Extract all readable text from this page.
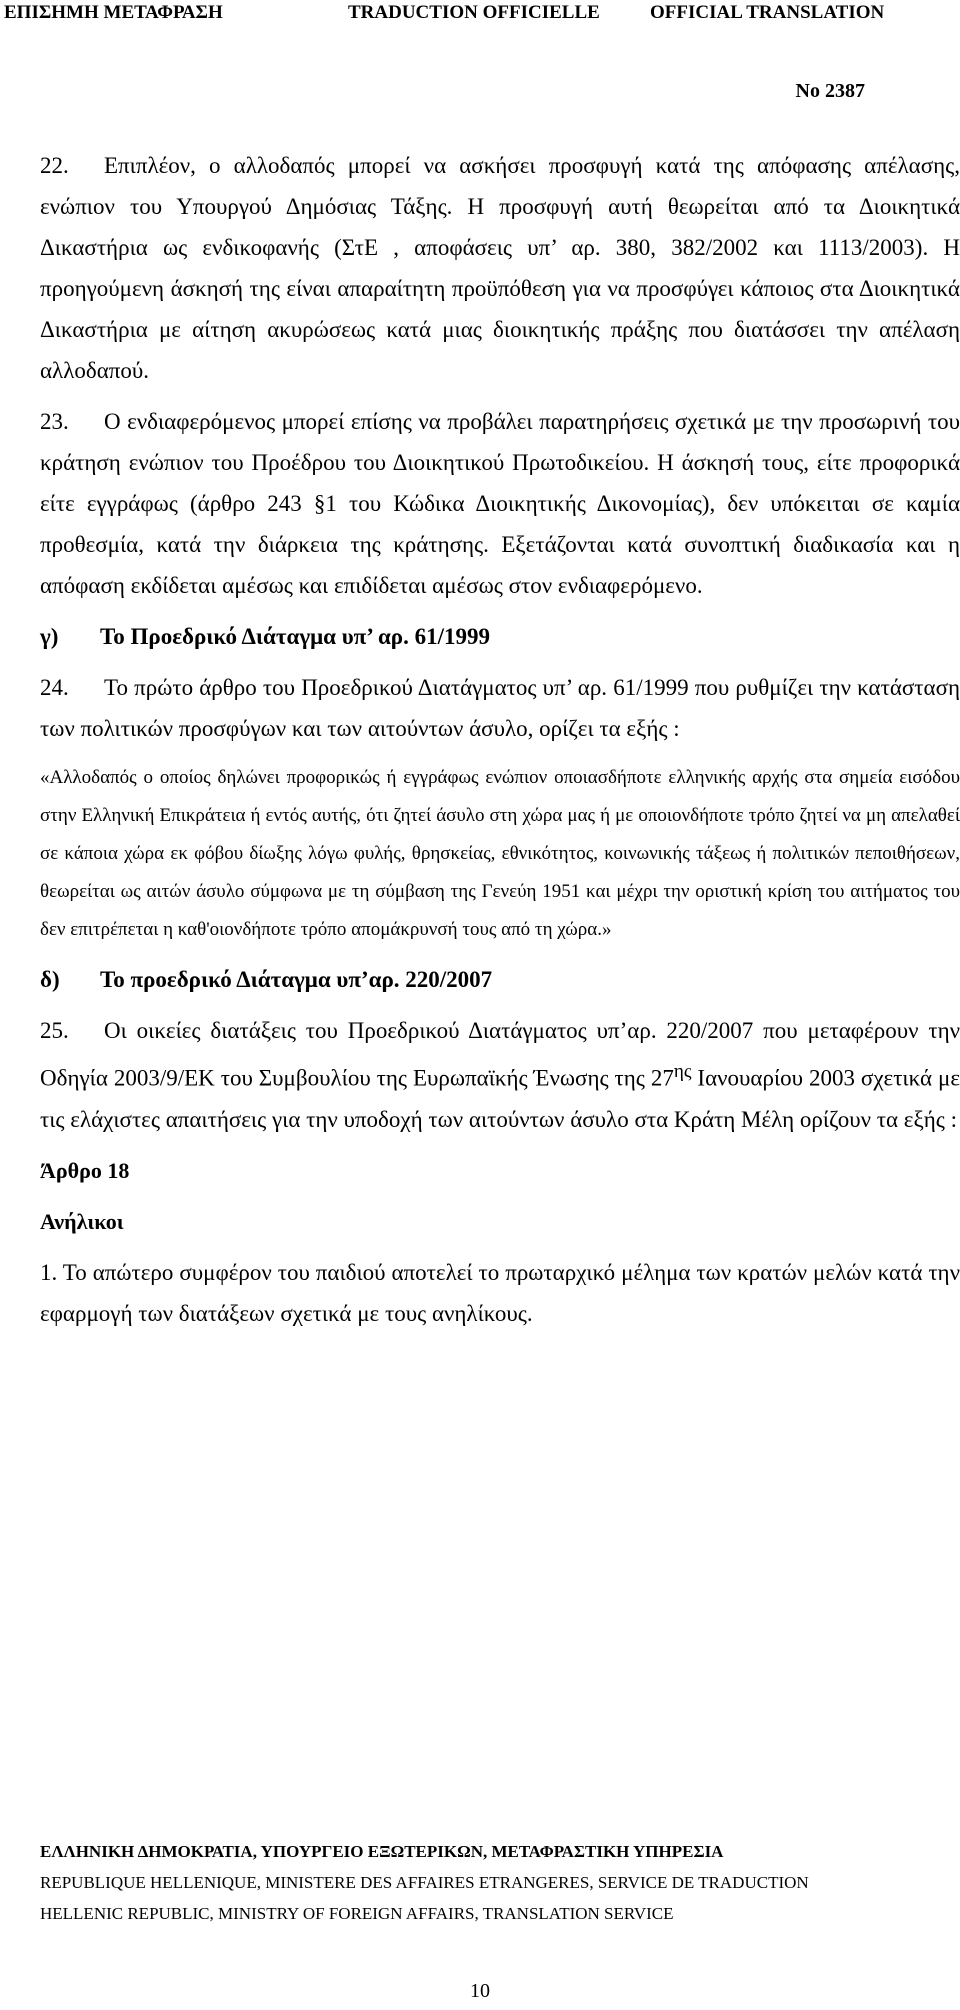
ΕΠΙΣΗΜΗ ΜΕΤΑΦΡΑΣΗ	TRADUCTION OFFICIELLE	OFFICIAL TRANSLATION
No 2387

22. Επιπλέον, ο αλλοδαπός μπορεί να ασκήσει προσφυγή κατά της απόφασης απέλασης, ενώπιον του Υπουργού Δημόσιας Τάξης. Η προσφυγή αυτή θεωρείται από τα Διοικητικά Δικαστήρια ως ενδικοφανής (ΣτΕ , αποφάσεις υπ’ αρ. 380, 382/2002 και 1113/2003). Η προηγούμενη άσκησή της είναι απαραίτητη προϋπόθεση για να προσφύγει κάποιος στα Διοικητικά Δικαστήρια με αίτηση ακυρώσεως κατά μιας διοικητικής πράξης που διατάσσει την απέλαση αλλοδαπού.

23. Ο ενδιαφερόμενος μπορεί επίσης να προβάλει παρατηρήσεις σχετικά με την προσωρινή του κράτηση ενώπιον του Προέδρου του Διοικητικού Πρωτοδικείου. Η άσκησή τους, είτε προφορικά είτε εγγράφως (άρθρο 243 §1 του Κώδικα Διοικητικής Δικονομίας), δεν υπόκειται σε καμία προθεσμία, κατά την διάρκεια της κράτησης. Εξετάζονται κατά συνοπτική διαδικασία και η απόφαση εκδίδεται αμέσως και επιδίδεται αμέσως στον ενδιαφερόμενο.

γ) Το Προεδρικό Διάταγμα υπ’ αρ. 61/1999

24. Το πρώτο άρθρο του Προεδρικού Διατάγματος υπ’ αρ. 61/1999 που ρυθμίζει την κατάσταση των πολιτικών προσφύγων και των αιτούντων άσυλο, ορίζει τα εξής :

«Αλλοδαπός ο οποίος δηλώνει προφορικώς ή εγγράφως ενώπιον οποιασδήποτε ελληνικής αρχής στα σημεία εισόδου στην Ελληνική Επικράτεια ή εντός αυτής, ότι ζητεί άσυλο στη χώρα μας ή με οποιονδήποτε τρόπο ζητεί να μη απελαθεί σε κάποια χώρα εκ φόβου δίωξης λόγω φυλής, θρησκείας, εθνικότητος, κοινωνικής τάξεως ή πολιτικών πεποιθήσεων, θεωρείται ως αιτών άσυλο σύμφωνα με τη σύμβαση της Γενεύη 1951 και μέχρι την οριστική κρίση του αιτήματος του δεν επιτρέπεται η καθ'οιονδήποτε τρόπο απομάκρυνσή τους από τη χώρα.»

δ) Το προεδρικό Διάταγμα υπ’αρ. 220/2007

25. Οι οικείες διατάξεις του Προεδρικού Διατάγματος υπ’αρ. 220/2007 που μεταφέρουν την Οδηγία 2003/9/ΕΚ του Συμβουλίου της Ευρωπαϊκής Ένωσης της $27^{\eta\varsigma}$ Ιανουαρίου 2003 σχετικά με τις ελάχιστες απαιτήσεις για την υποδοχή των αιτούντων άσυλο στα Κράτη Μέλη ορίζουν τα εξής :

Άρθρο 18

Ανήλικοι

1. Το απώτερο συμφέρον του παιδιού αποτελεί το πρωταρχικό μέλημα των κρατών μελών κατά την εφαρμογή των διατάξεων σχετικά με τους ανηλίκους.

ΕΛΛΗΝΙΚΗ ΔΗΜΟΚΡΑΤΙΑ, ΥΠΟΥΡΓΕΙΟ ΕΞΩΤΕΡΙΚΩΝ, ΜΕΤΑΦΡΑΣΤΙΚΗ ΥΠΗΡΕΣΙΑ
REPUBLIQUE HELLENIQUE, MINISTERE DES AFFAIRES ETRANGERES, SERVICE DE TRADUCTION
HELLENIC REPUBLIC, MINISTRY OF FOREIGN AFFAIRS, TRANSLATION SERVICE
10
